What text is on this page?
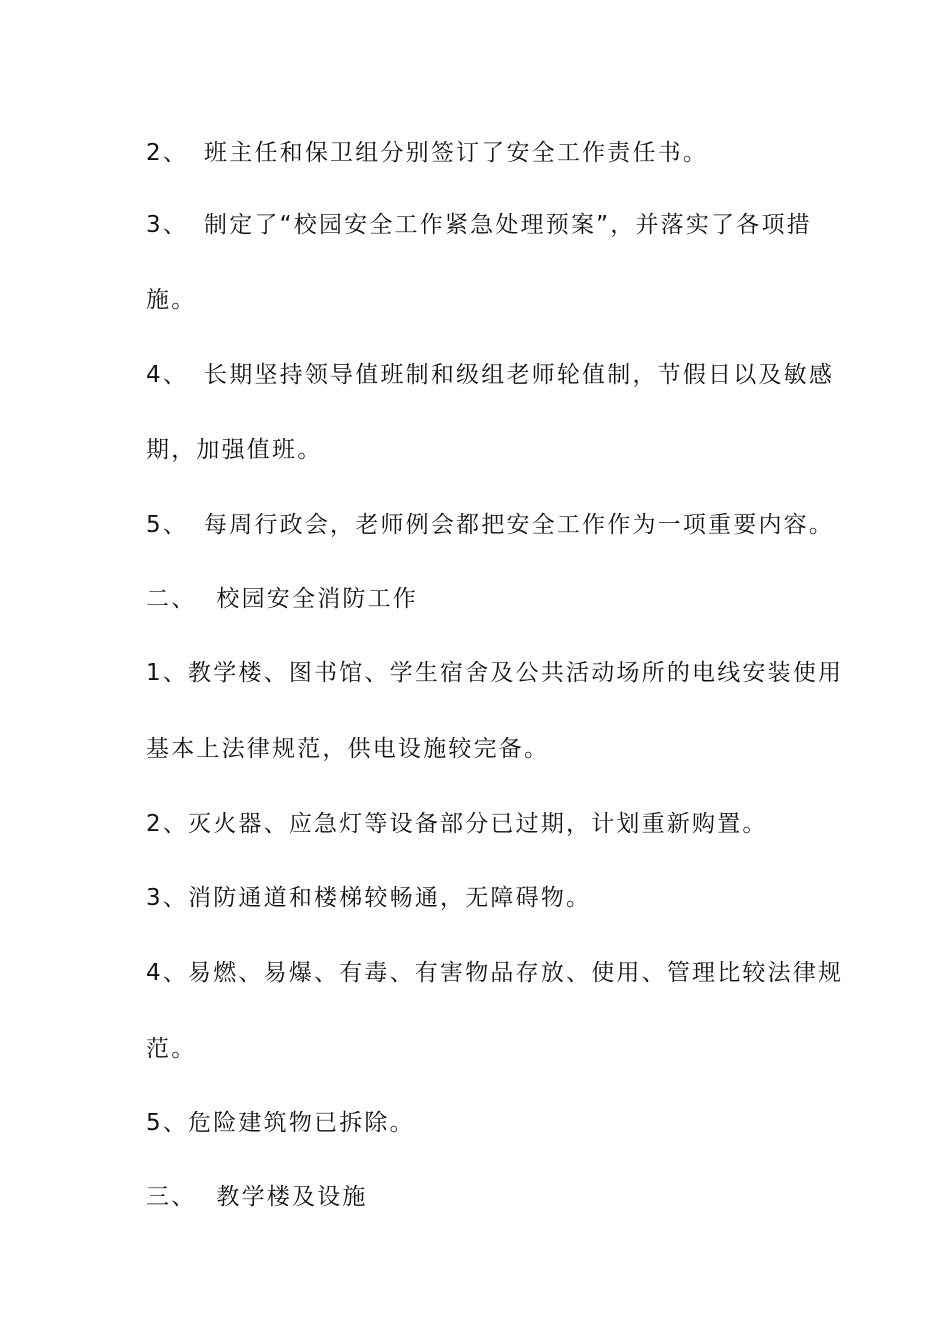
2、 班主任和保卫组分别签订了安全工作责任书。
3、 制定了“校园安全工作紧急处理预案”，并落实了各项措
施。
4、 长期坚持领导值班制和级组老师轮值制，节假日以及敏感
期，加强值班。
5、 每周行政会，老师例会都把安全工作作为一项重要内容。
二、 校园安全消防工作
1、教学楼、图书馆、学生宿舍及公共活动场所的电线安装使用
基本上法律规范，供电设施较完备。
2、灭火器、应急灯等设备部分已过期，计划重新购置。
3、消防通道和楼梯较畅通，无障碍物。
4、易燃、易爆、有毒、有害物品存放、使用、管理比较法律规
范。
5、危险建筑物已拆除。
三、 教学楼及设施
